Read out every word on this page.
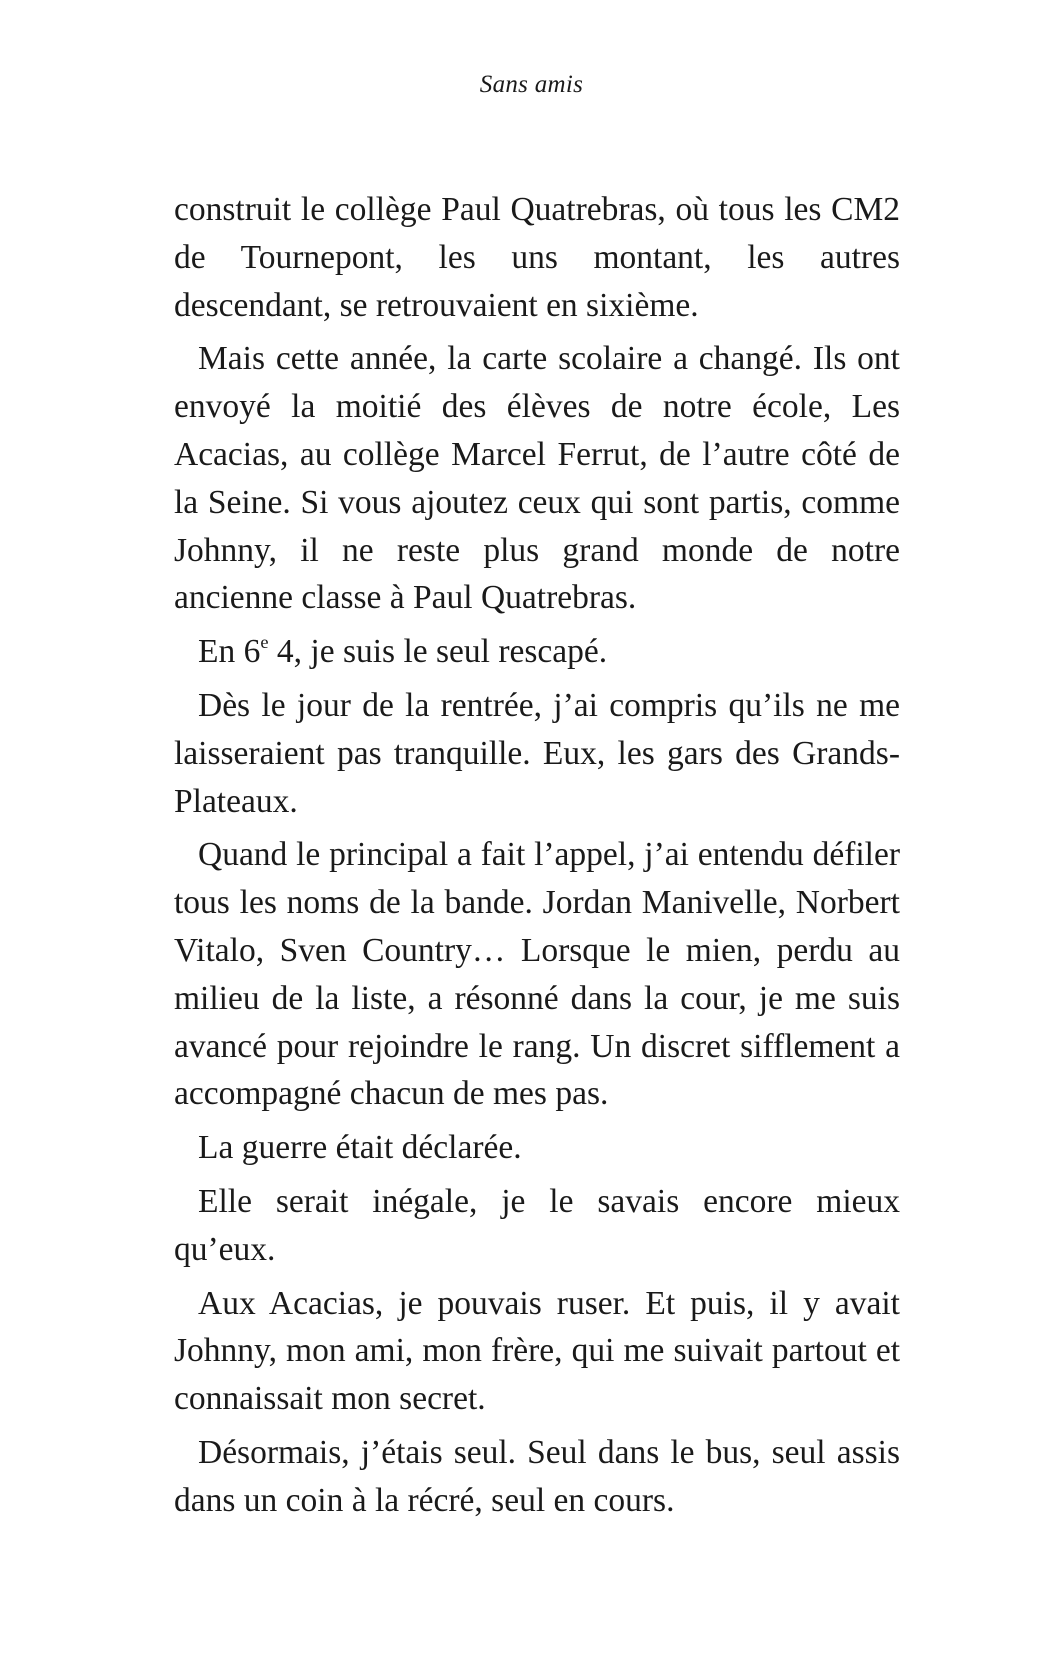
Sans amis

construit le collège Paul Quatrebras, où tous les CM2 de Tournepont, les uns montant, les autres descendant, se retrouvaient en sixième.

Mais cette année, la carte scolaire a changé. Ils ont envoyé la moitié des élèves de notre école, Les Acacias, au collège Marcel Ferrut, de l’autre côté de la Seine. Si vous ajoutez ceux qui sont partis, comme Johnny, il ne reste plus grand monde de notre ancienne classe à Paul Quatrebras.

En 6e 4, je suis le seul rescapé.

Dès le jour de la rentrée, j’ai compris qu’ils ne me laisseraient pas tranquille. Eux, les gars des Grands-Plateaux.

Quand le principal a fait l’appel, j’ai entendu défiler tous les noms de la bande. Jordan Manivelle, Norbert Vitalo, Sven Country… Lorsque le mien, perdu au milieu de la liste, a résonné dans la cour, je me suis avancé pour rejoindre le rang. Un discret sifflement a accompagné chacun de mes pas.

La guerre était déclarée.

Elle serait inégale, je le savais encore mieux qu’eux.

Aux Acacias, je pouvais ruser. Et puis, il y avait Johnny, mon ami, mon frère, qui me suivait partout et connaissait mon secret.

Désormais, j’étais seul. Seul dans le bus, seul assis dans un coin à la récré, seul en cours.
